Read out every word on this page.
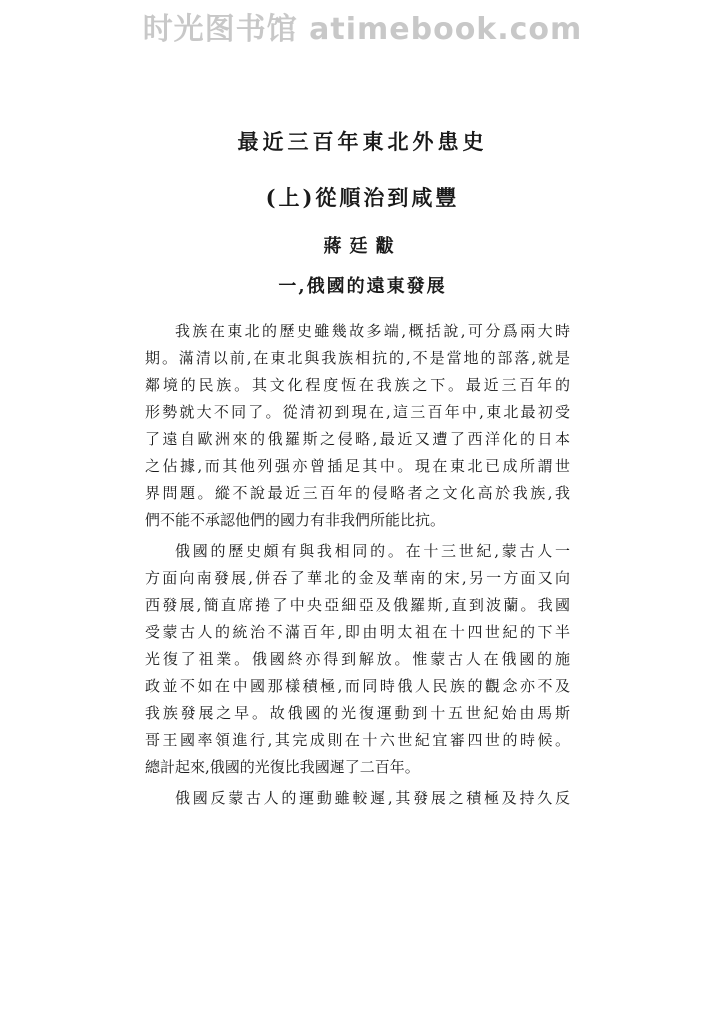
时光图书馆 atimebook.com
最近三百年東北外患史
(上)從順治到咸豐
蔣廷黻
一,俄國的遠東發展
我族在東北的歷史雖幾故多端,概括說,可分爲兩大時
期。滿清以前,在東北與我族相抗的,不是當地的部落,就是
鄰境的民族。其文化程度恆在我族之下。最近三百年的
形勢就大不同了。從清初到現在,這三百年中,東北最初受
了遠自歐洲來的俄羅斯之侵略,最近又遭了西洋化的日本
之佔據,而其他列强亦曾插足其中。現在東北已成所謂世
界問題。縱不說最近三百年的侵略者之文化高於我族,我
們不能不承認他們的國力有非我們所能比抗。
俄國的歷史頗有與我相同的。在十三世紀,蒙古人一
方面向南發展,併吞了華北的金及華南的宋,另一方面又向
西發展,簡直席捲了中央亞細亞及俄羅斯,直到波蘭。我國
受蒙古人的統治不滿百年,即由明太祖在十四世紀的下半
光復了祖業。俄國終亦得到解放。惟蒙古人在俄國的施
政並不如在中國那樣積極,而同時俄人民族的觀念亦不及
我族發展之早。故俄國的光復運動到十五世紀始由馬斯
哥王國率領進行,其完成則在十六世紀宜審四世的時候。
總計起來,俄國的光復比我國遲了二百年。
俄國反蒙古人的運動雖較遲,其發展之積極及持久反
